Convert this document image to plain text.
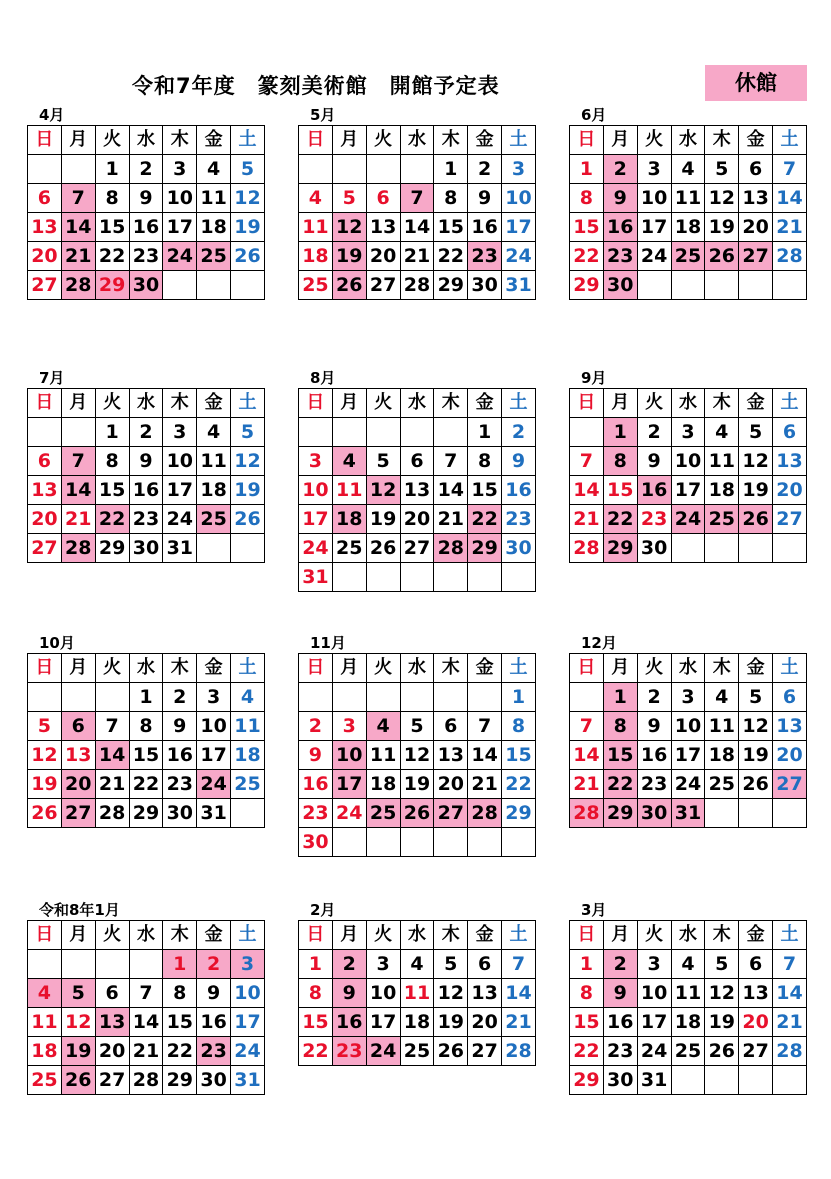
令和7年度　篆刻美術館　開館予定表	休館
4月
日	月	火	水	木	金	土
		1	2	3	4	5
6	7	8	9	10	11	12
13	14	15	16	17	18	19
20	21	22	23	24	25	26
27	28	29	30			
5月
日	月	火	水	木	金	土
				1	2	3
4	5	6	7	8	9	10
11	12	13	14	15	16	17
18	19	20	21	22	23	24
25	26	27	28	29	30	31
6月
日	月	火	水	木	金	土
1	2	3	4	5	6	7
8	9	10	11	12	13	14
15	16	17	18	19	20	21
22	23	24	25	26	27	28
29	30					
7月
日	月	火	水	木	金	土
		1	2	3	4	5
6	7	8	9	10	11	12
13	14	15	16	17	18	19
20	21	22	23	24	25	26
27	28	29	30	31		
8月
日	月	火	水	木	金	土
					1	2
3	4	5	6	7	8	9
10	11	12	13	14	15	16
17	18	19	20	21	22	23
24	25	26	27	28	29	30
31						
9月
日	月	火	水	木	金	土
	1	2	3	4	5	6
7	8	9	10	11	12	13
14	15	16	17	18	19	20
21	22	23	24	25	26	27
28	29	30				
10月
日	月	火	水	木	金	土
			1	2	3	4
5	6	7	8	9	10	11
12	13	14	15	16	17	18
19	20	21	22	23	24	25
26	27	28	29	30	31	
11月
日	月	火	水	木	金	土
						1
2	3	4	5	6	7	8
9	10	11	12	13	14	15
16	17	18	19	20	21	22
23	24	25	26	27	28	29
30						
12月
日	月	火	水	木	金	土
	1	2	3	4	5	6
7	8	9	10	11	12	13
14	15	16	17	18	19	20
21	22	23	24	25	26	27
28	29	30	31			
令和8年1月
日	月	火	水	木	金	土
				1	2	3
4	5	6	7	8	9	10
11	12	13	14	15	16	17
18	19	20	21	22	23	24
25	26	27	28	29	30	31
2月
日	月	火	水	木	金	土
1	2	3	4	5	6	7
8	9	10	11	12	13	14
15	16	17	18	19	20	21
22	23	24	25	26	27	28
3月
日	月	火	水	木	金	土
1	2	3	4	5	6	7
8	9	10	11	12	13	14
15	16	17	18	19	20	21
22	23	24	25	26	27	28
29	30	31				
